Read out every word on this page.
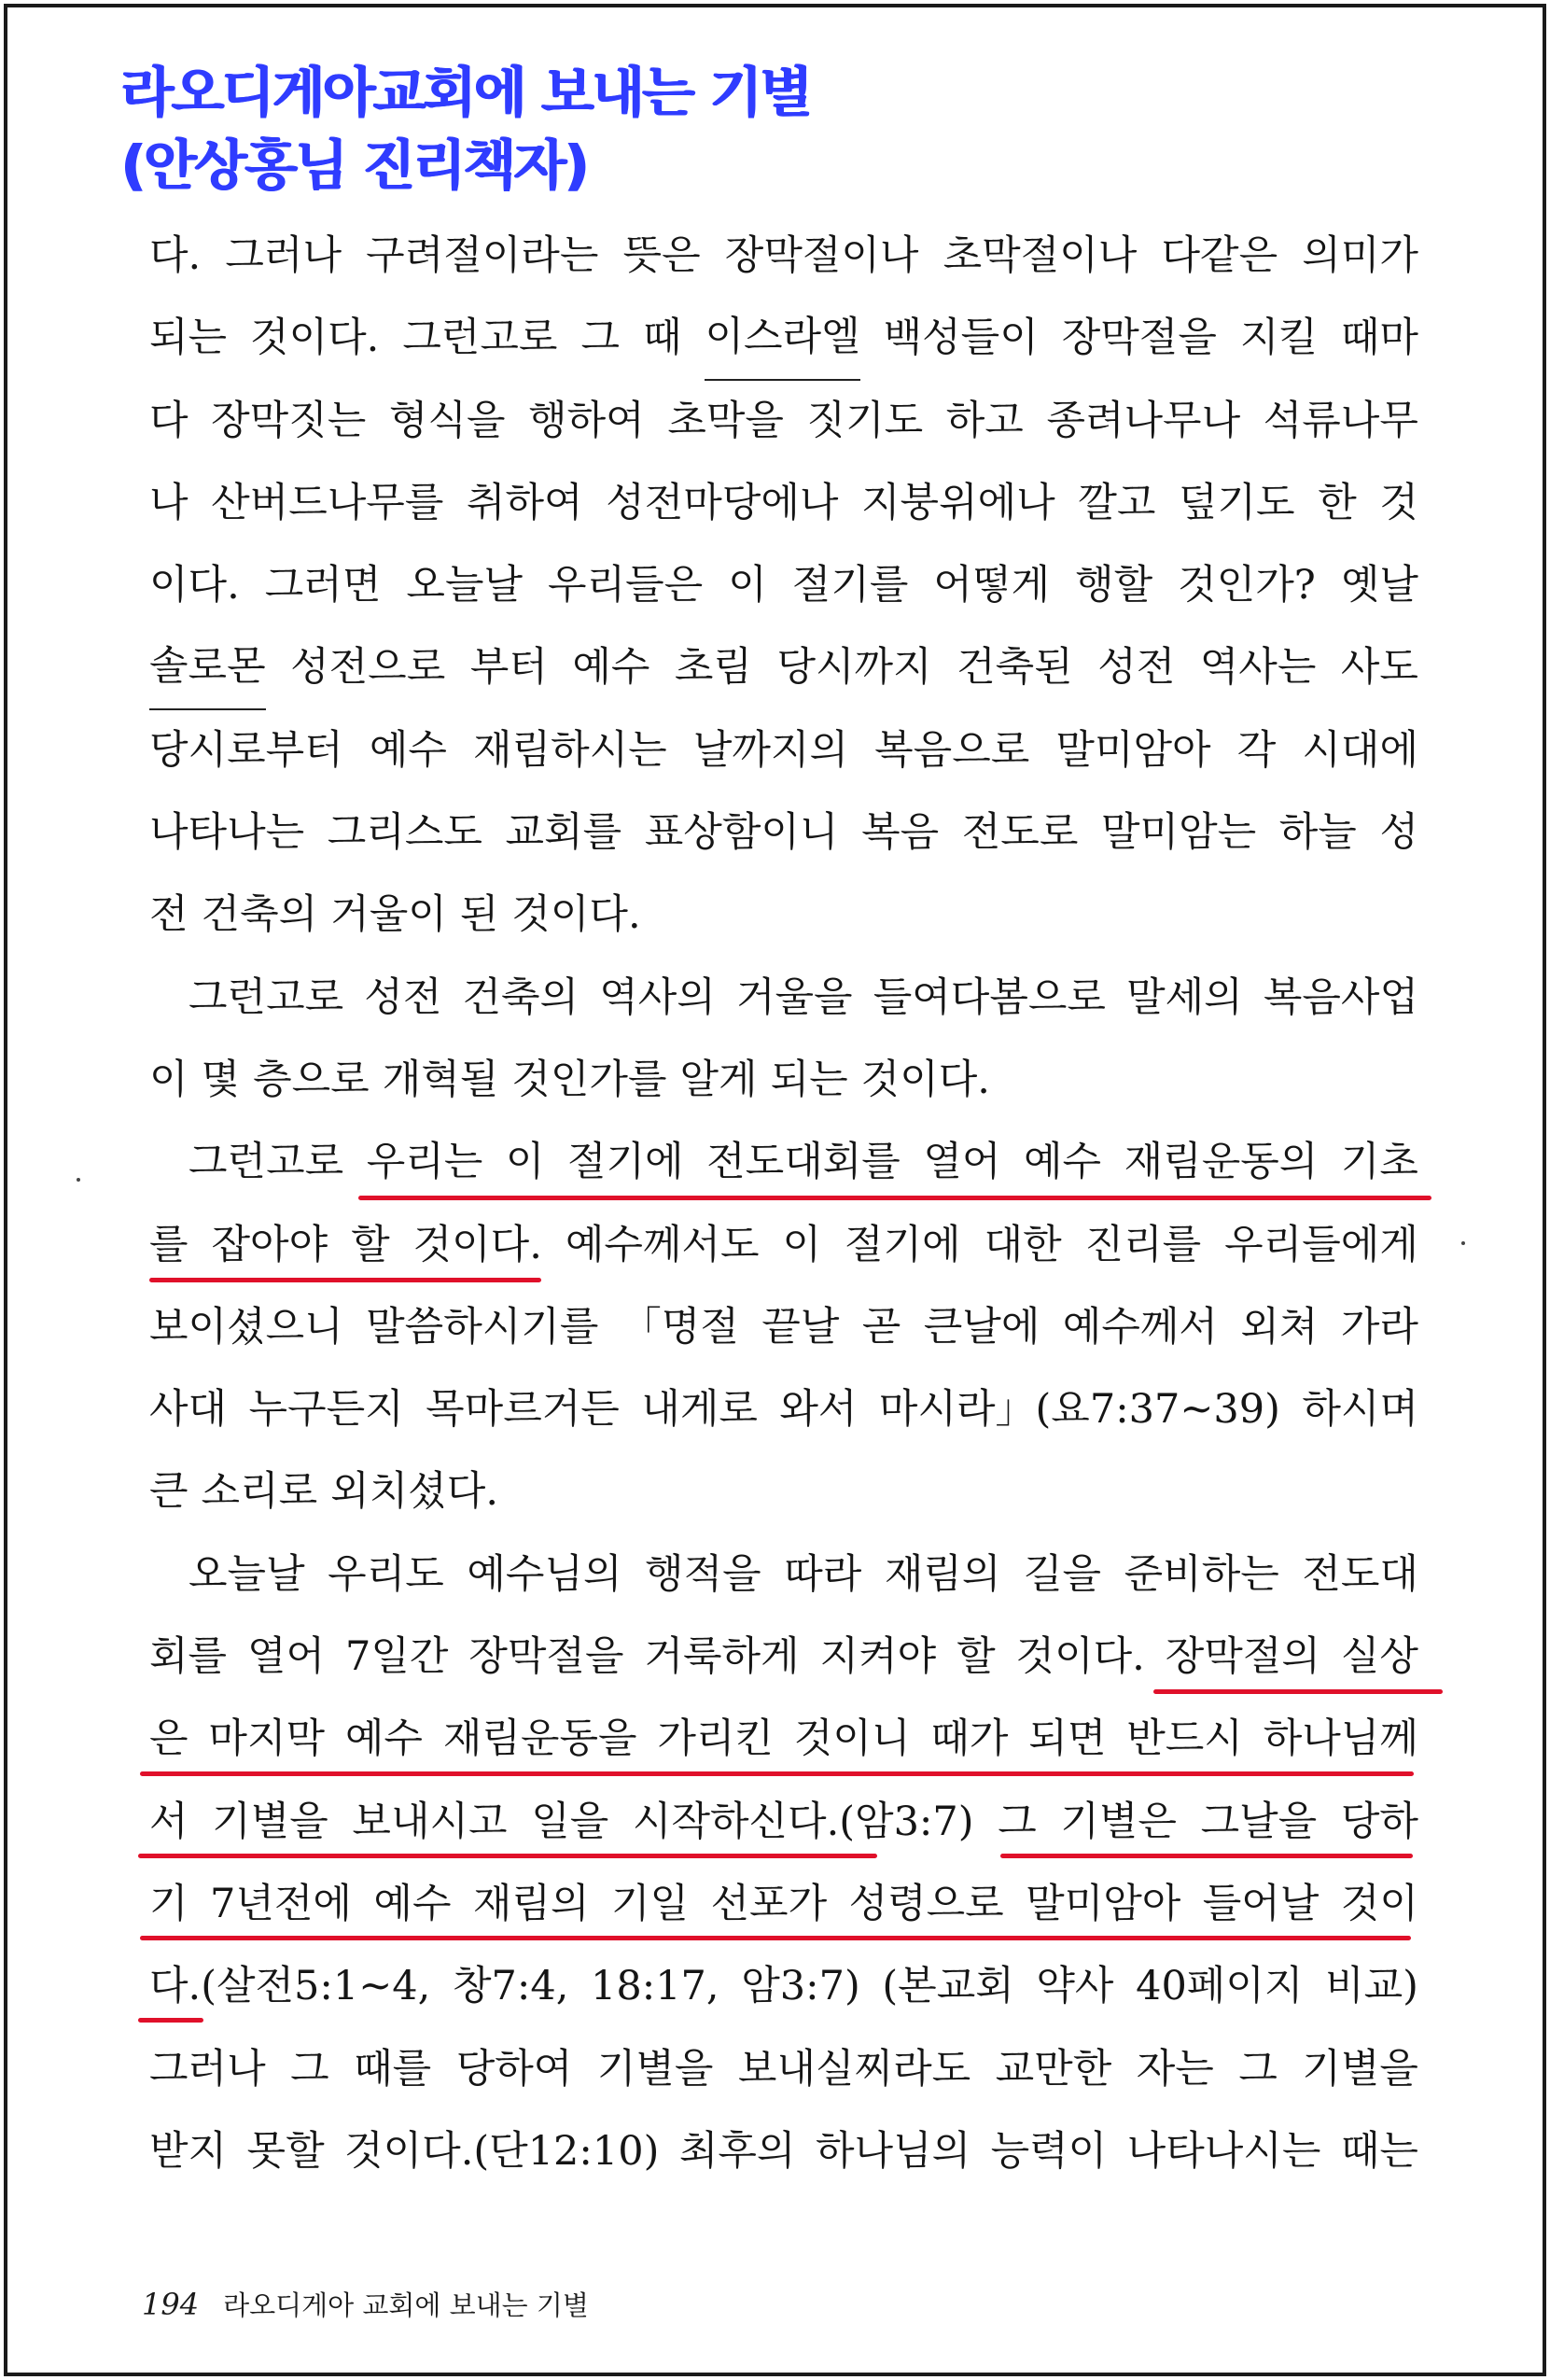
라오디게아교회에 보내는 기별
(안상홍님 진리책자)
다. 그러나 구려절이라는 뜻은 장막절이나 초막절이나 다같은 의미가
되는 것이다. 그런고로 그 때 이스라엘 백성들이 장막절을 지킬 때마
다 장막짓는 형식을 행하여 초막을 짓기도 하고 종려나무나 석류나무
나 산버드나무를 취하여 성전마당에나 지붕위에나 깔고 덮기도 한 것
이다. 그러면 오늘날 우리들은 이 절기를 어떻게 행할 것인가? 옛날
솔로몬 성전으로 부터 예수 초림 당시까지 건축된 성전 역사는 사도
당시로부터 예수 재림하시는 날까지의 복음으로 말미암아 각 시대에
나타나는 그리스도 교회를 표상함이니 복음 전도로 말미암는 하늘 성
전 건축의 거울이 된 것이다.
그런고로 성전 건축의 역사의 거울을 들여다봄으로 말세의 복음사업
이 몇 층으로 개혁될 것인가를 알게 되는 것이다.
그런고로 우리는 이 절기에 전도대회를 열어 예수 재림운동의 기초
를 잡아야 할 것이다. 예수께서도 이 절기에 대한 진리를 우리들에게
보이셨으니 말씀하시기를 「명절 끝날 곧 큰날에 예수께서 외쳐 가라
사대 누구든지 목마르거든 내게로 와서 마시라」(요7:37~39) 하시며
큰 소리로 외치셨다.
오늘날 우리도 예수님의 행적을 따라 재림의 길을 준비하는 전도대
회를 열어 7일간 장막절을 거룩하게 지켜야 할 것이다. 장막절의 실상
은 마지막 예수 재림운동을 가리킨 것이니 때가 되면 반드시 하나님께
서 기별을 보내시고 일을 시작하신다.(암3:7) 그 기별은 그날을 당하
기 7년전에 예수 재림의 기일 선포가 성령으로 말미암아 들어날 것이
다.(살전5:1~4, 창7:4, 18:17, 암3:7) (본교회 약사 40페이지 비교)
그러나 그 때를 당하여 기별을 보내실찌라도 교만한 자는 그 기별을
받지 못할 것이다.(단12:10) 최후의 하나님의 능력이 나타나시는 때는
194 라오디게아 교회에 보내는 기별
